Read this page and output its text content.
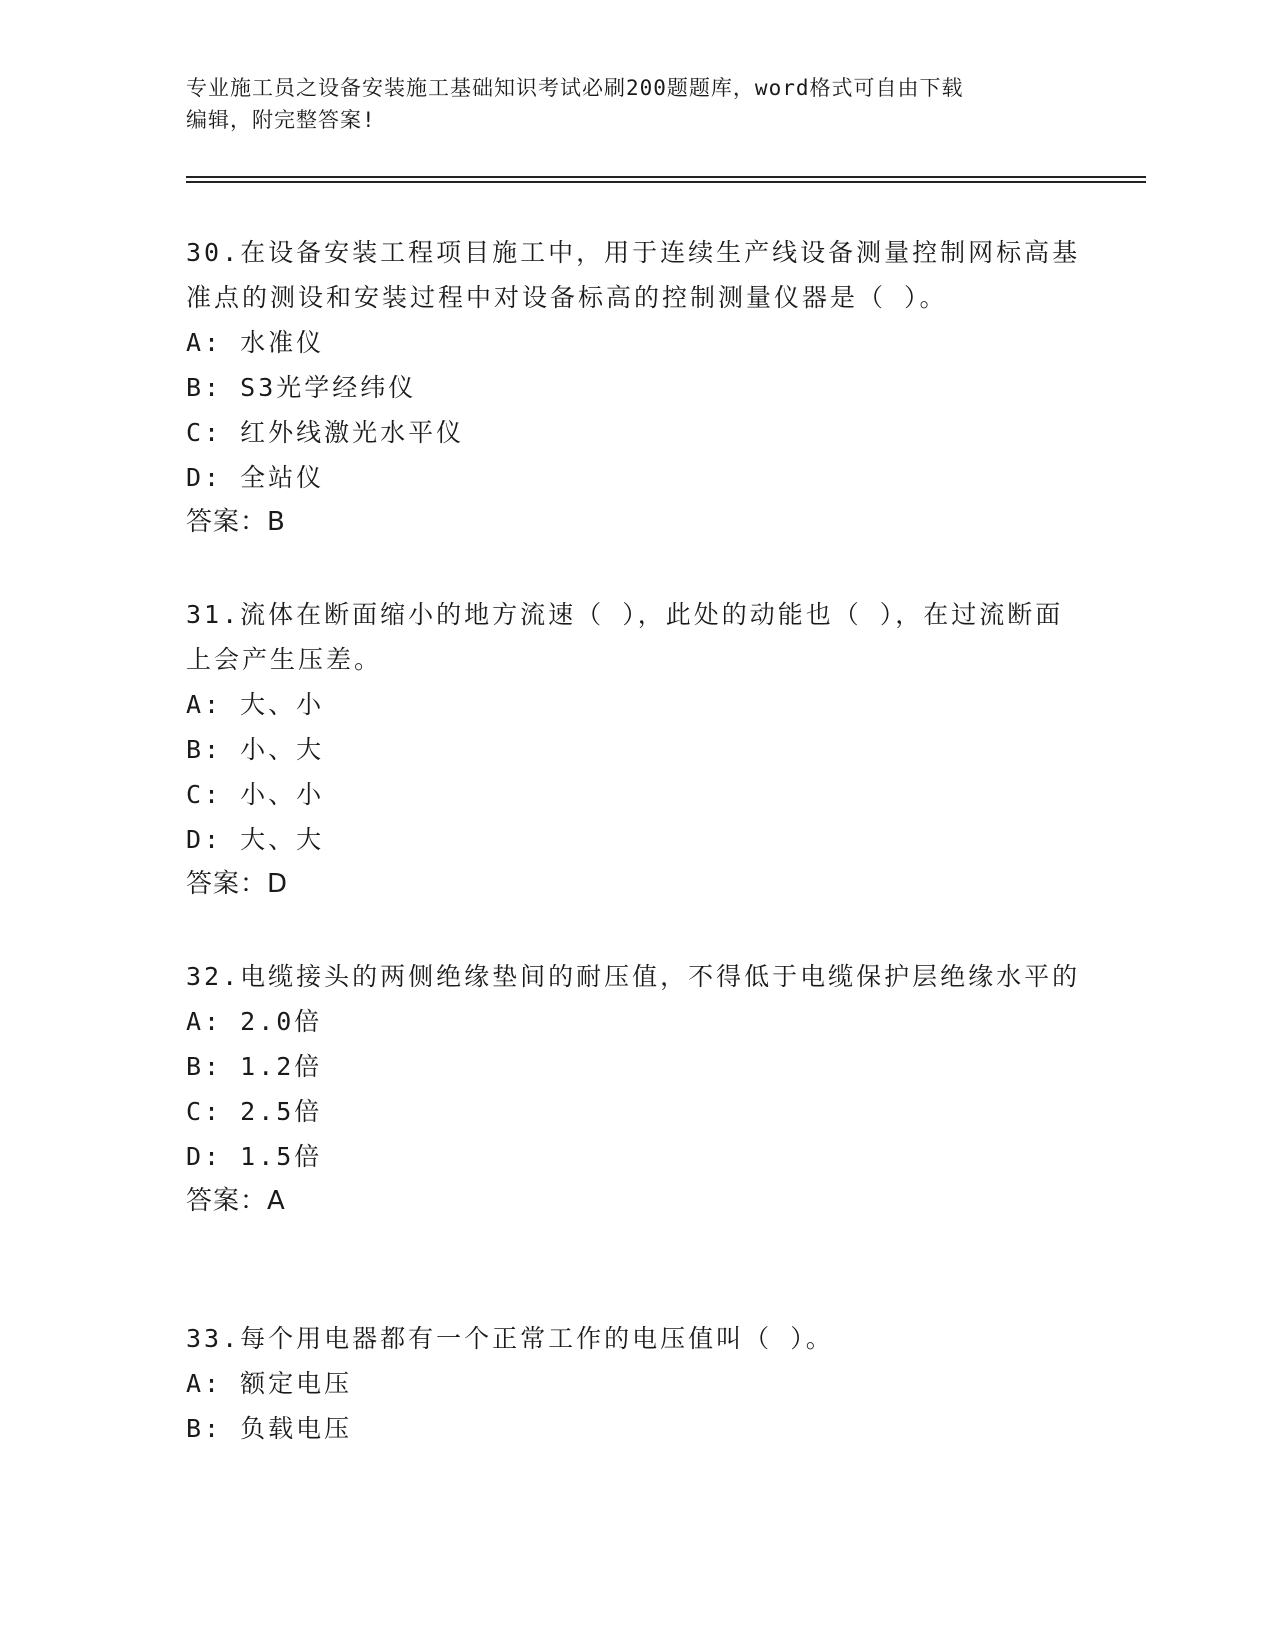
专业施工员之设备安装施工基础知识考试必刷200题题库，word格式可自由下载
编辑，附完整答案!

30.在设备安装工程项目施工中，用于连续生产线设备测量控制网标高基准点的测设和安装过程中对设备标高的控制测量仪器是（ ）。

A: 水准仪

B: S3光学经纬仪

C: 红外线激光水平仪

D: 全站仪

答案：B

31.流体在断面缩小的地方流速（ ），此处的动能也（ ），在过流断面上会产生压差。

A: 大、小

B: 小、大

C: 小、小

D: 大、大

答案：D

32.电缆接头的两侧绝缘垫间的耐压值，不得低于电缆保护层绝缘水平的

A: 2.0倍

B: 1.2倍

C: 2.5倍

D: 1.5倍

答案：A

33.每个用电器都有一个正常工作的电压值叫（ ）。

A: 额定电压

B: 负载电压
